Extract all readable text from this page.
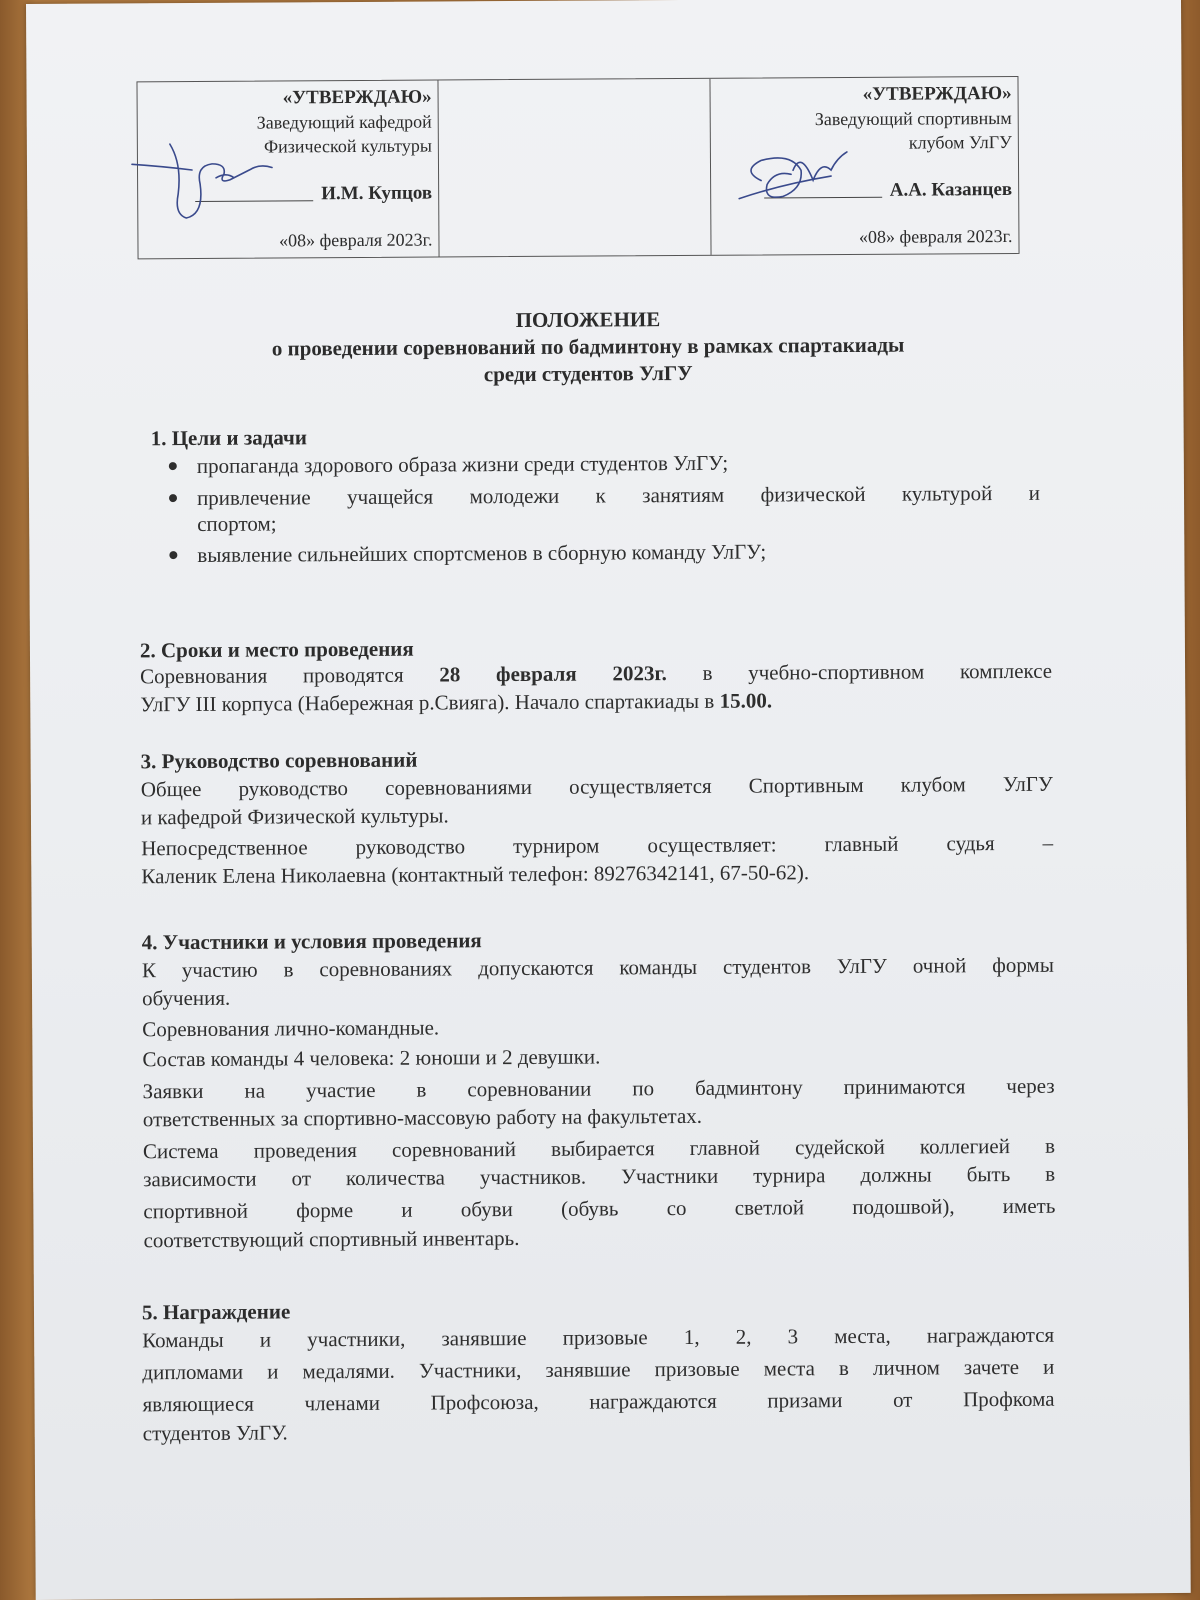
«УТВЕРЖДАЮ»
Заведующий кафедрой
Физической культуры
И.М. Купцов
«08» февраля 2023г.
«УТВЕРЖДАЮ»
Заведующий спортивным
клубом УлГУ
А.А. Казанцев
«08» февраля 2023г.
ПОЛОЖЕНИЕ
о проведении соревнований по бадминтону в рамках спартакиады
среди студентов УлГУ
1. Цели и задачи
пропаганда здорового образа жизни среди студентов УлГУ;
привлечение учащейся молодежи к занятиям физической культурой и
спортом;
выявление сильнейших спортсменов в сборную команду УлГУ;
2. Сроки и место проведения
Соревнования проводятся 28 февраля 2023г. в учебно-спортивном комплексе
УлГУ III корпуса (Набережная р.Свияга). Начало спартакиады в 15.00.
3. Руководство соревнований
Общее руководство соревнованиями осуществляется Спортивным клубом УлГУ
и кафедрой Физической культуры.
Непосредственное руководство турниром осуществляет: главный судья –
Каленик Елена Николаевна (контактный телефон: 89276342141, 67-50-62).
4. Участники и условия проведения
К участию в соревнованиях допускаются команды студентов УлГУ очной формы
обучения.
Соревнования лично-командные.
Состав команды 4 человека: 2 юноши и 2 девушки.
Заявки на участие в соревновании по бадминтону принимаются через
ответственных за спортивно-массовую работу на факультетах.
Система проведения соревнований выбирается главной судейской коллегией в
зависимости от количества участников. Участники турнира должны быть в
спортивной форме и обуви (обувь со светлой подошвой), иметь
соответствующий спортивный инвентарь.
5. Награждение
Команды и участники, занявшие призовые 1, 2, 3 места, награждаются
дипломами и медалями. Участники, занявшие призовые места в личном зачете и
являющиеся членами Профсоюза, награждаются призами от Профкома
студентов УлГУ.
